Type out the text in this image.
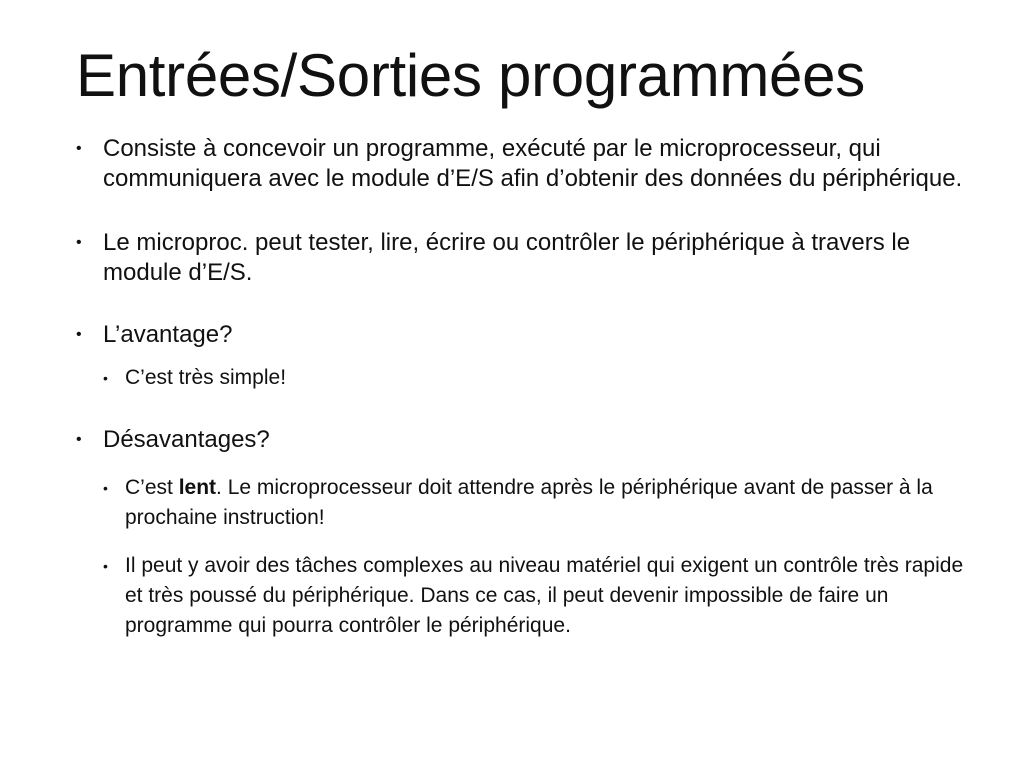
Entrées/Sorties programmées
• Consiste à concevoir un programme, exécuté par le microprocesseur, qui communiquera avec le module d’E/S afin d’obtenir des données du périphérique.
• Le microproc. peut tester, lire, écrire ou contrôler le périphérique à travers le module d’E/S.
• L’avantage?
• C’est très simple!
• Désavantages?
• C’est lent. Le microprocesseur doit attendre après le périphérique avant de passer à la prochaine instruction!
• Il peut y avoir des tâches complexes au niveau matériel qui exigent un contrôle très rapide et très poussé du périphérique. Dans ce cas, il peut devenir impossible de faire un programme qui pourra contrôler le périphérique.
